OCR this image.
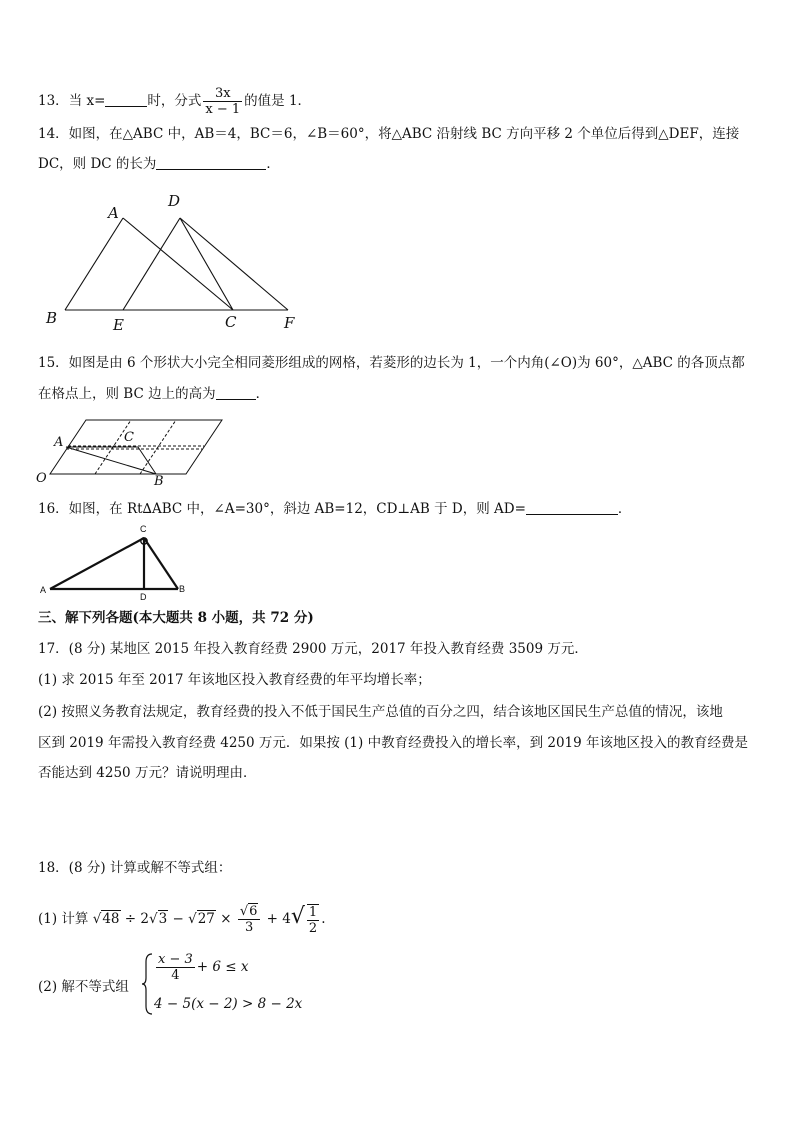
13．当 x=	时，分式 $\frac{3x}{x - 1}$ 的值是 1．
14．如图，在△ABC 中，AB＝4，BC＝6，∠B＝60°，将△ABC 沿射线 BC 方向平移 2 个单位后得到△DEF，连接
DC，则 DC 的长为	．
A
D
B	E	C	F
15．如图是由 6 个形状大小完全相同菱形组成的网格，若菱形的边长为 1，一个内角(∠O)为 60°，△ABC 的各顶点都
在格点上，则 BC 边上的高为	．
A	C
O	B
16．如图，在 Rt∆ABC 中，∠A=30°，斜边 AB=12，CD⊥AB 于 D，则 AD=	．
C
A
D
B
三、解下列各题(本大题共 8 小题，共 72 分)
17．(8 分) 某地区 2015 年投入教育经费 2900 万元，2017 年投入教育经费 3509 万元．
(1) 求 2015 年至 2017 年该地区投入教育经费的年平均增长率；
(2) 按照义务教育法规定，教育经费的投入不低于国民生产总值的百分之四，结合该地区国民生产总值的情况，该地
区到 2019 年需投入教育经费 4250 万元．如果按 (1) 中教育经费投入的增长率，到 2019 年该地区投入的教育经费是
否能达到 4250 万元？请说明理由．
18．(8 分) 计算或解不等式组：
(1) 计算 $√48 \div 2√3 - √27 \times \frac{√6}{3} + 4√ \frac{1}{2}$ .
(2) 解不等式组
$\frac{x - 3}{4} + 6 \le x$
4 − 5(x − 2) > 8 − 2x
